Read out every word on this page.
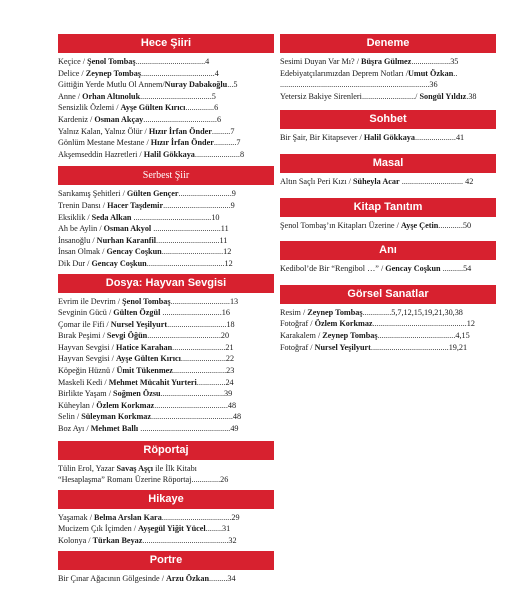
Hece Şiiri
Keçice / Şenol Tombaş..................................4
Delice / Zeynep Tombaş....................................4
Gittiğin Yerde Mutlu Ol Annem/Nuray Dabakoğlu...5
Anne / Orhan Altınoluk...................................5
Sensizlik Özlemi / Ayşe Gülten Kırıcı..............6
Kardeniz / Osman Akçay....................................6
Yalnız Kalan, Yalnız Ölür / Hızır İrfan Önder.........7
Gönlüm Mestane Mestane / Hızır İrfan Önder...........7
Akşemseddin Hazretleri / Halil Gökkaya......................8
Serbest Şiir
Sarıkamış Şehitleri / Gülten Gençer..........................9
Trenin Dansı / Hacer Taşdemir.................................9
Eksiklik / Seda Alkan ......................................10
Ah be Aylin / Osman Akyol .................................11
İnsanoğlu / Nurhan Karanfil...............................11
İnsan Olmak / Gencay Coşkun..............................12
Dik Dur / Gencay Coşkun......................................12
Dosya: Hayvan Sevgisi
Evrim ile Devrim / Şenol Tombaş.............................13
Sevginin Gücü / Gülten Özgül .............................16
Çomar ile Fifi / Nursel Yeşilyurt.............................18
Bırak Peşimi / Sevgi Öğün....................................20
Hayvan Sevgisi / Hatice Karahan..........................21
Hayvan Sevgisi / Ayşe Gülten Kırıcı......................22
Köpeğin Hüznü / Ümit Tükenmez..........................23
Maskeli Kedi / Mehmet Mücahit Yurteri..............24
Birlikte Yaşam / Soğmen Özsu...............................39
Küheylan / Özlem Korkmaz....................................48
Selin / Süleyman Korkmaz........................................48
Boz Ayı / Mehmet Ballı ............................................49
Röportaj
Tülin Erol, Yazar Savaş Aşçı ile İlk Kitabı
“Hesaplaşma” Romanı Üzerine Röportaj..............26
Hikaye
Yaşamak / Belma Arslan Kara..................................29
Mucizem Çık İçimden / Ayşegül Yiğit Yücel........31
Kolonya / Türkan Beyaz..........................................32
Portre
Bir Çınar Ağacının Gölgesinde / Arzu Özkan.........34
Deneme
Sesimi Duyan Var Mı? / Büşra Gülmez...................35
Edebiyatçılarımızdan Deprem Notları /Umut Özkan..
.........................................................................36
Yetersiz Bakiye Sirenleri........................../ Songül Yıldız.38
Sohbet
Bir Şair, Bir Kitapsever / Halil Gökkaya....................41
Masal
Altın Saçlı Peri Kızı / Süheyla Acar .............................. 42
Kitap Tanıtım
Şenol Tombaş’ın Kitapları Üzerine / Ayşe Çetin............50
Anı
Kedibol’de Bir “Rengibol …” / Gencay Coşkun ..........54
Görsel Sanatlar
Resim / Zeynep Tombaş..............5,7,12,15,19,21,30,38
Fotoğraf / Özlem Korkmaz..............................................12
Karakalem / Zeynep Tombaş......................................4,15
Fotoğraf / Nursel Yeşilyurt......................................19,21
